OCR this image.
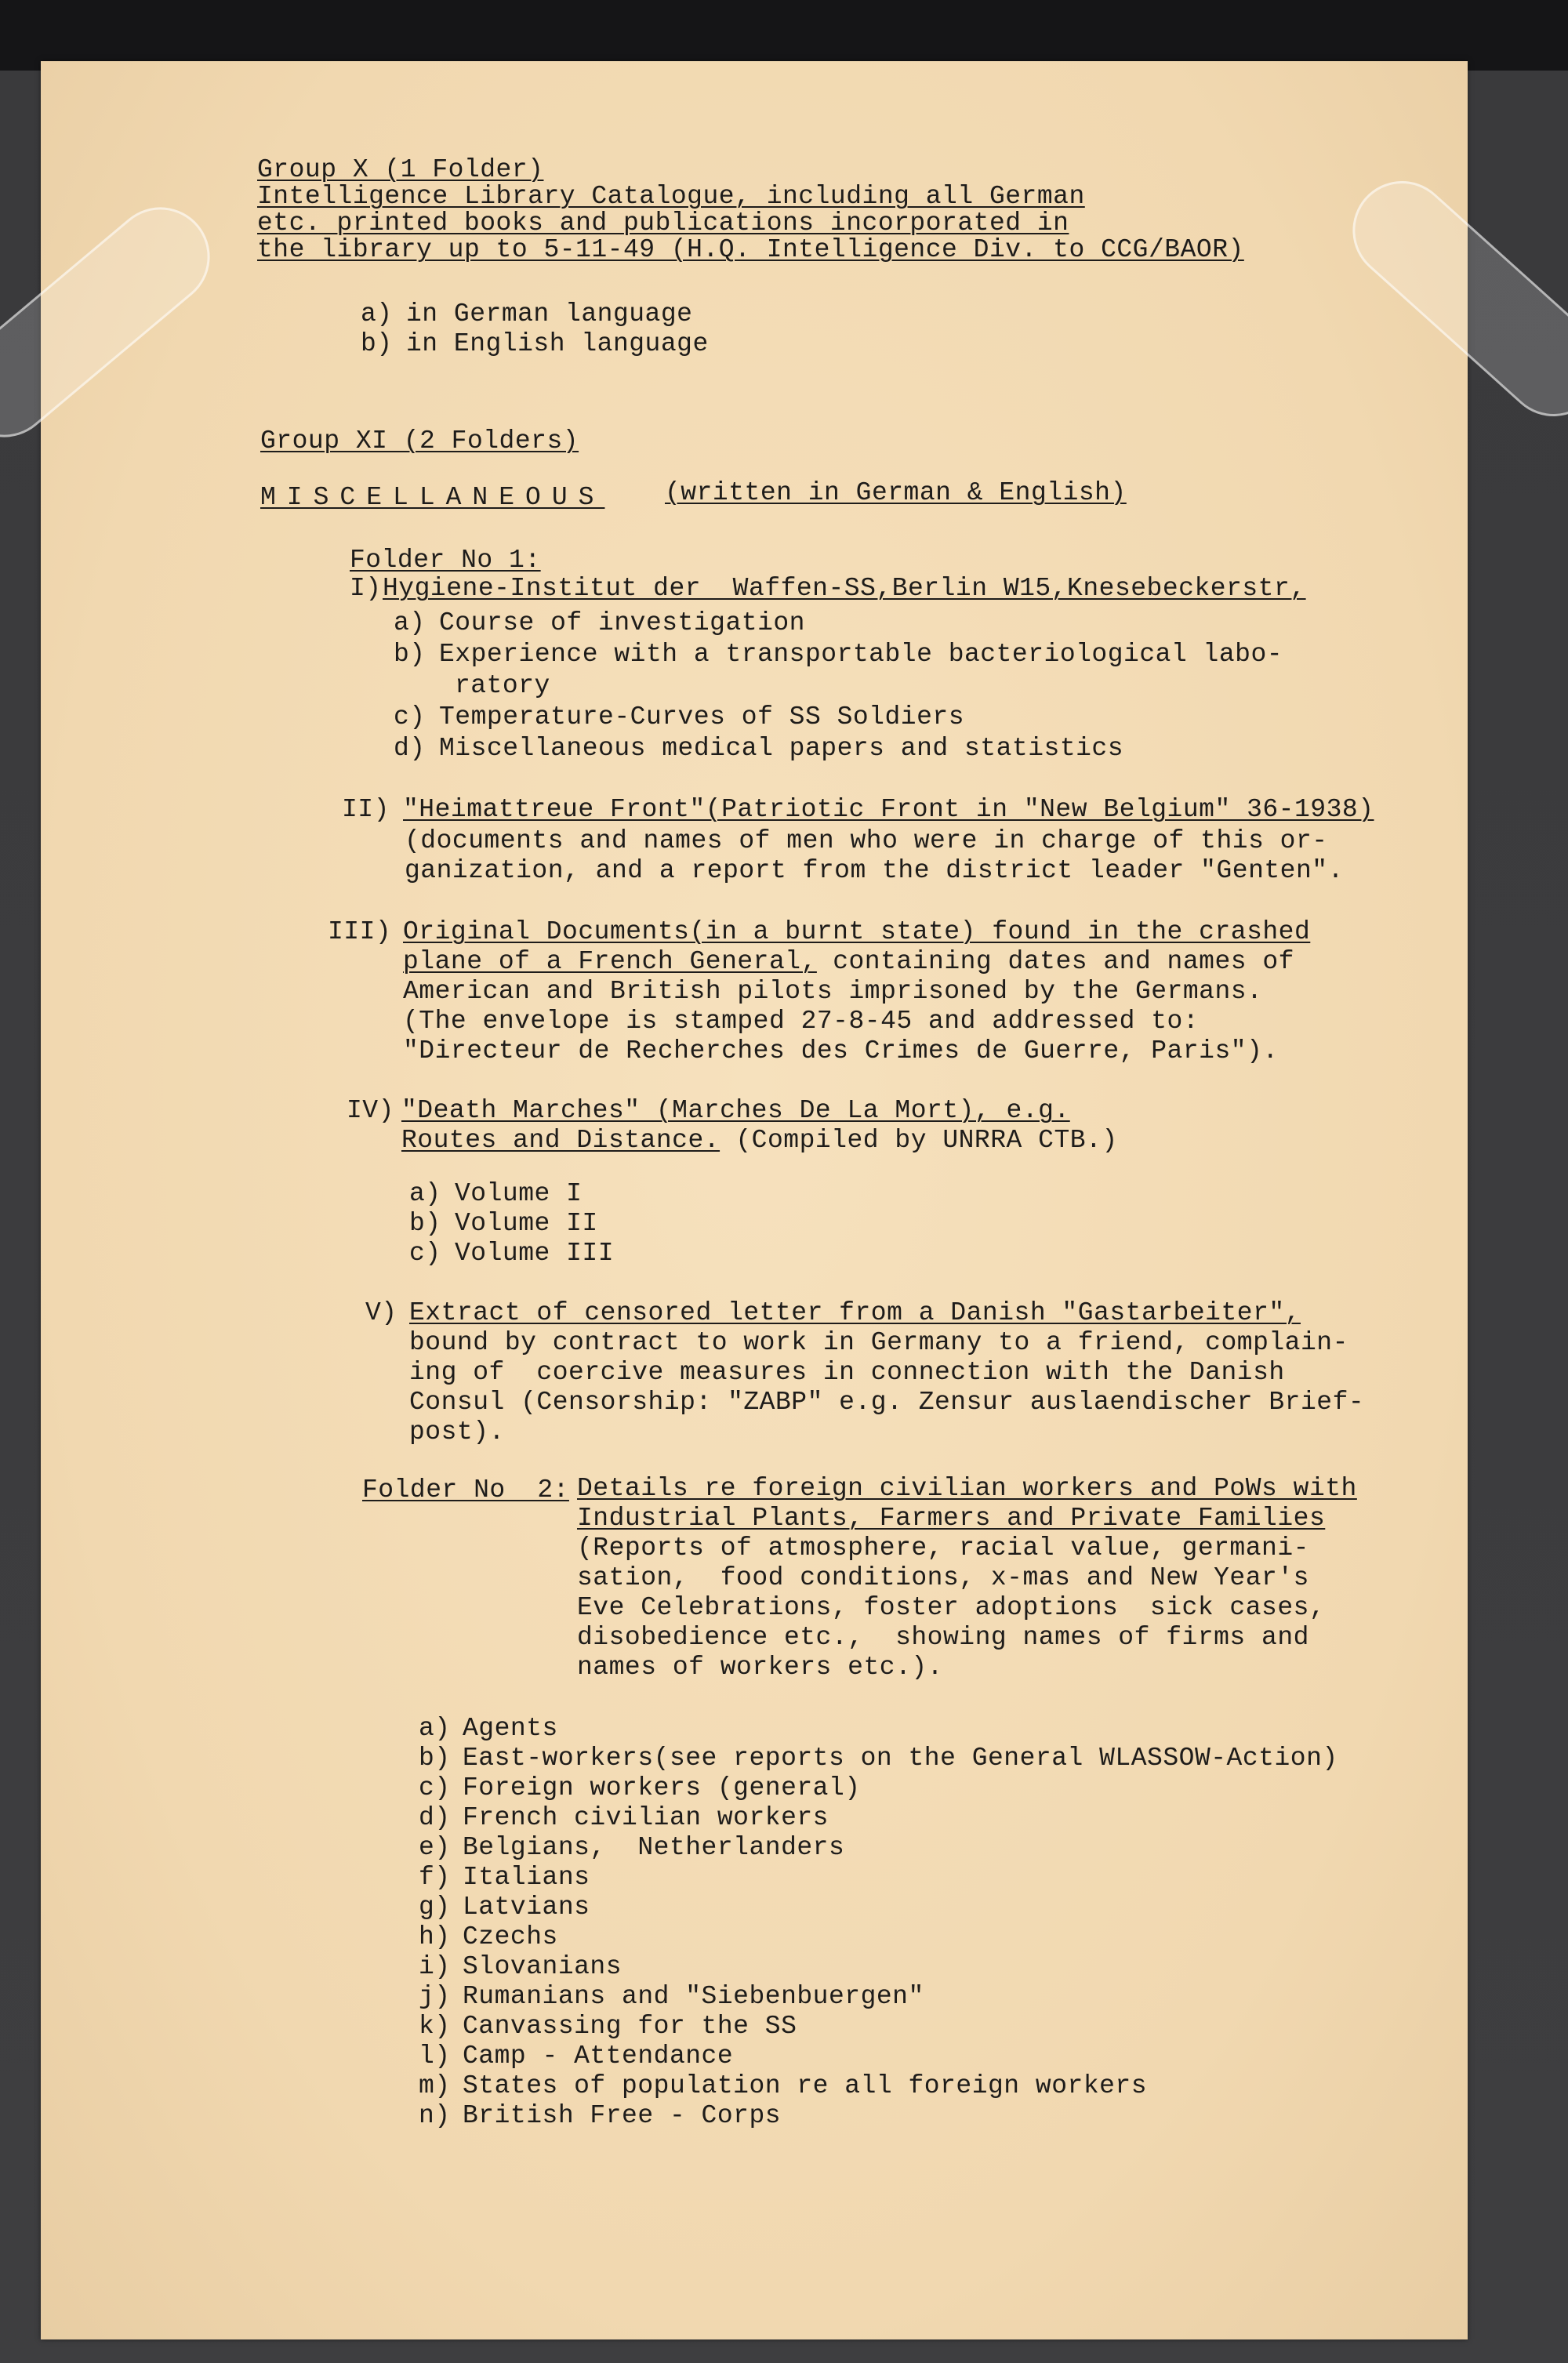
Group X (1 Folder)
Intelligence Library Catalogue, including all German
etc. printed books and publications incorporated in
the library up to 5-11-49 (H.Q. Intelligence Div. to CCG/BAOR)
a) in German language
b) in English language
Group XI (2 Folders)
MISCELLANEOUS (written in German & English)
Folder No 1:
I) Hygiene-Institut der  Waffen-SS,Berlin W15,Knesebeckerstr,
a) Course of investigation
b) Experience with a transportable bacteriological labo-
ratory
c) Temperature-Curves of SS Soldiers
d) Miscellaneous medical papers and statistics
II) "Heimattreue Front"(Patriotic Front in "New Belgium" 36-1938)
(documents and names of men who were in charge of this or-
ganization, and a report from the district leader "Genten".
III) Original Documents(in a burnt state) found in the crashed
plane of a French General, containing dates and names of
American and British pilots imprisoned by the Germans.
(The envelope is stamped 27-8-45 and addressed to:
"Directeur de Recherches des Crimes de Guerre, Paris").
IV) "Death Marches" (Marches De La Mort), e.g.
Routes and Distance. (Compiled by UNRRA CTB.)
a) Volume I
b) Volume II
c) Volume III
V) Extract of censored letter from a Danish "Gastarbeiter",
bound by contract to work in Germany to a friend, complain-
ing of  coercive measures in connection with the Danish
Consul (Censorship: "ZABP" e.g. Zensur auslaendischer Brief-
post).
Folder No  2: Details re foreign civilian workers and PoWs with
Industrial Plants, Farmers and Private Families
(Reports of atmosphere, racial value, germani-
sation,  food conditions, x-mas and New Year's
Eve Celebrations, foster adoptions  sick cases,
disobedience etc.,  showing names of firms and
names of workers etc.).
a) Agents
b) East-workers(see reports on the General WLASSOW-Action)
c) Foreign workers (general)
d) French civilian workers
e) Belgians,  Netherlanders
f) Italians
g) Latvians
h) Czechs
i) Slovanians
j) Rumanians and "Siebenbuergen"
k) Canvassing for the SS
l) Camp - Attendance
m) States of population re all foreign workers
n) British Free - Corps
